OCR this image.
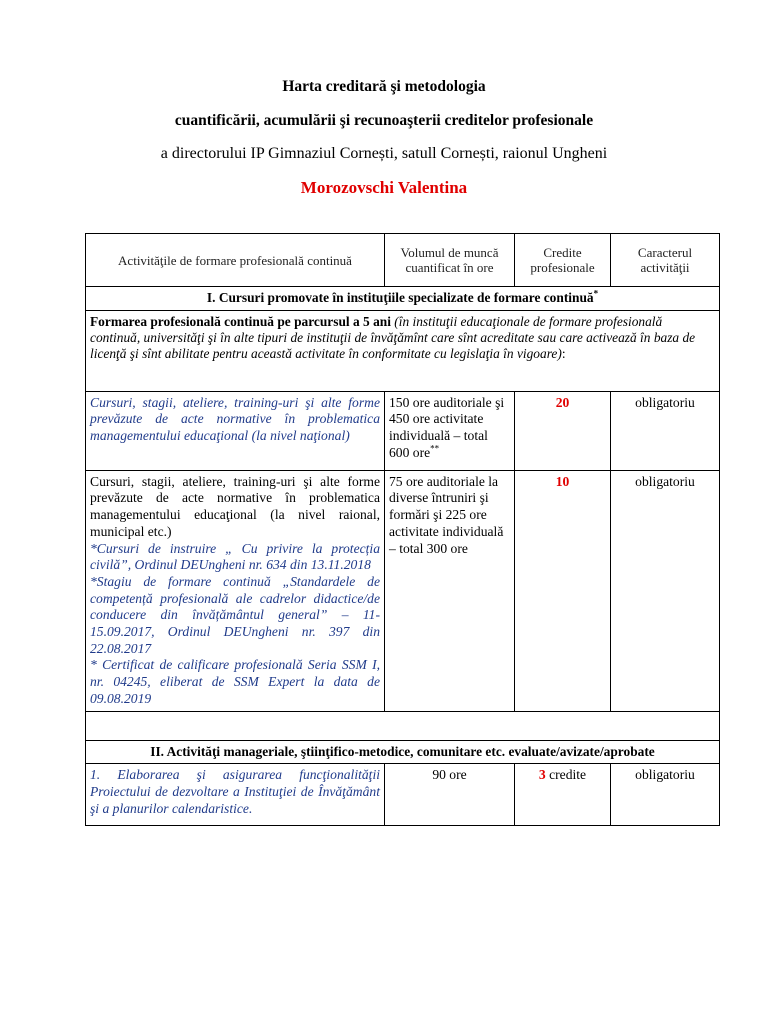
Harta creditară şi metodologia
cuantificării, acumulării şi recunoaşterii creditelor profesionale
a directorului IP Gimnaziul Cornești, satull Cornești, raionul Ungheni
Morozovschi Valentina
Activităţile de formare profesională continuă	Volumul de muncă cuantificat în ore	Credite profesionale	Caracterul activităţii
I. Cursuri promovate în instituţiile specializate de formare continuă*
Formarea profesională continuă pe parcursul a 5 ani (în instituţii educaţionale de formare profesională continuă, universităţi şi în alte tipuri de instituţii de învăţămînt care sînt acreditate sau care activează în baza de licenţă şi sînt abilitate pentru această activitate în conformitate cu legislaţia în vigoare):			
Cursuri, stagii, ateliere, training-uri şi alte forme prevăzute de acte normative în problematica managementului educaţional (la nivel naţional)	150 ore auditoriale şi 450 ore activitate individuală – total 600 ore**	20	obligatoriu

Cursuri, stagii, ateliere, training-uri şi alte forme prevăzute de acte normative în problematica managementului educaţional (la nivel raional, municipal etc.)
*Cursuri de instruire „ Cu privire la protecția civilă”, Ordinul DEUngheni nr. 634 din 13.11.2018
*Stagiu de formare continuă „Standardele de competență profesională ale cadrelor didactice/de conducere din învățământul general” – 11-15.09.2017, Ordinul DEUngheni nr. 397 din 22.08.2017
* Certificat de calificare profesională Seria SSM I, nr. 04245, eliberat de SSM Expert la data de 09.08.2019	75 ore auditoriale la diverse întruniri şi formări şi 225 ore activitate individuală – total 300 ore	10	obligatoriu

II. Activităţi manageriale, ştiinţifico-metodice, comunitare etc. evaluate/avizate/aprobate			
1. Elaborarea şi asigurarea funcţionalităţii Proiectului de dezvoltare a Instituţiei de Învăţământ şi a planurilor calendaristice.	90 ore	3 credite	obligatoriu
